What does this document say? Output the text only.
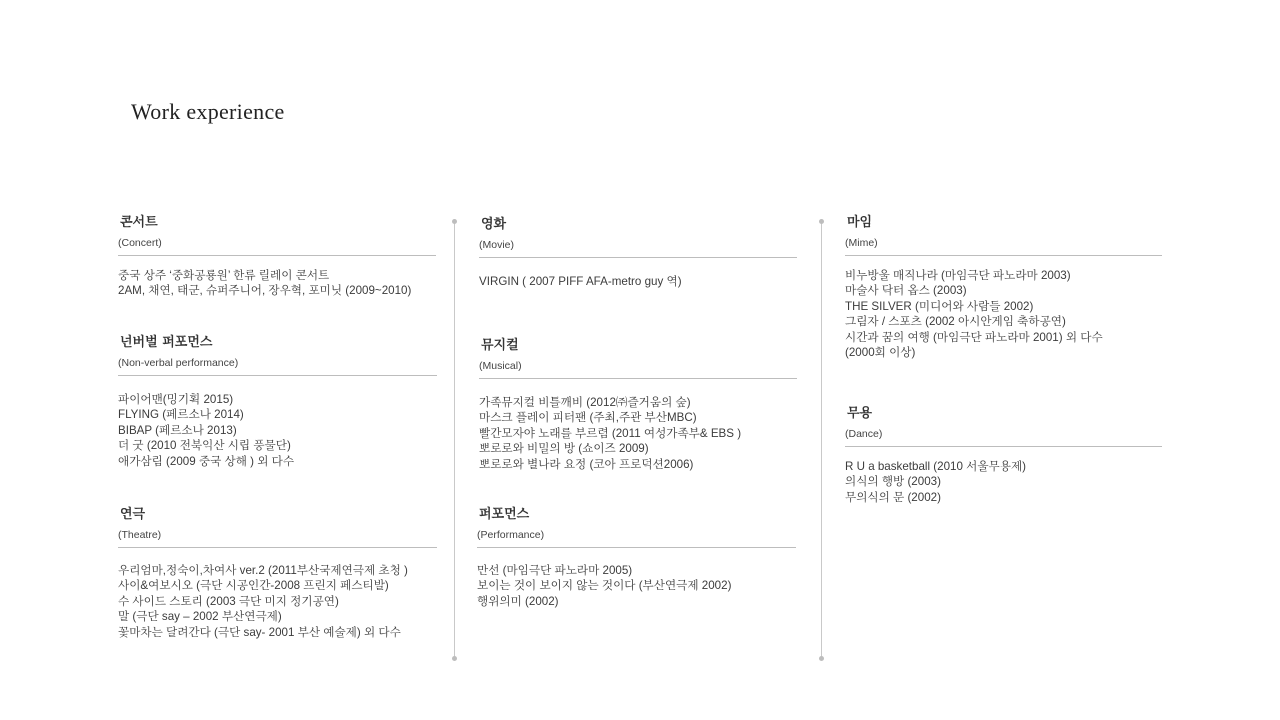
Work experience
콘서트
(Concert)
중국 상주 ‘중화공룡원’ 한류 릴레이 콘서트
2AM, 채연, 태군, 슈퍼주니어, 장우혁, 포미닛 (2009~2010)
넌버벌 퍼포먼스
(Non-verbal performance)
파이어맨(밍기획 2015)
FLYING (페르소나 2014)
BIBAP (페르소나 2013)
더 굿 (2010 전북익산 시립 풍물단)
애가삼림 (2009 중국 상해 ) 외 다수
연극
(Theatre)
우리엄마,정숙이,차여사 ver.2 (2011부산국제연극제 초청 )
사이&여보시오 (극단 시공인간-2008 프린지 페스티발)
수 사이드 스토리 (2003 극단 미지 정기공연)
말 (극단 say – 2002 부산연극제)
꽃마차는 달려간다 (극단 say- 2001 부산 예술제) 외 다수
영화
(Movie)
VIRGIN ( 2007 PIFF AFA-metro guy 역)
뮤지컬
(Musical)
가족뮤지컬 비틀깨비 (2012㈜즐거움의 숲)
마스크 플레이 피터팬 (주최,주관 부산MBC)
빨간모자야 노래를 부르렴 (2011 여성가족부& EBS )
뽀로로와 비밀의 방 (쇼이즈 2009)
뽀로로와 별나라 요정 (코아 프로덕션2006)
퍼포먼스
(Performance)
만선 (마임극단 파노라마 2005)
보이는 것이 보이지 않는 것이다 (부산연극제 2002)
행위의미 (2002)
마임
(Mime)
비누방울 매직나라 (마임극단 파노라마 2003)
마술사 닥터 옵스 (2003)
THE SILVER (미디어와 사람들 2002)
그림자 / 스포츠 (2002 아시안게임 축하공연)
시간과 꿈의 여행 (마임극단 파노라마 2001) 외 다수
(2000회 이상)
무용
(Dance)
R U a basketball (2010 서울무용제)
의식의 행방 (2003)
무의식의 문 (2002)
